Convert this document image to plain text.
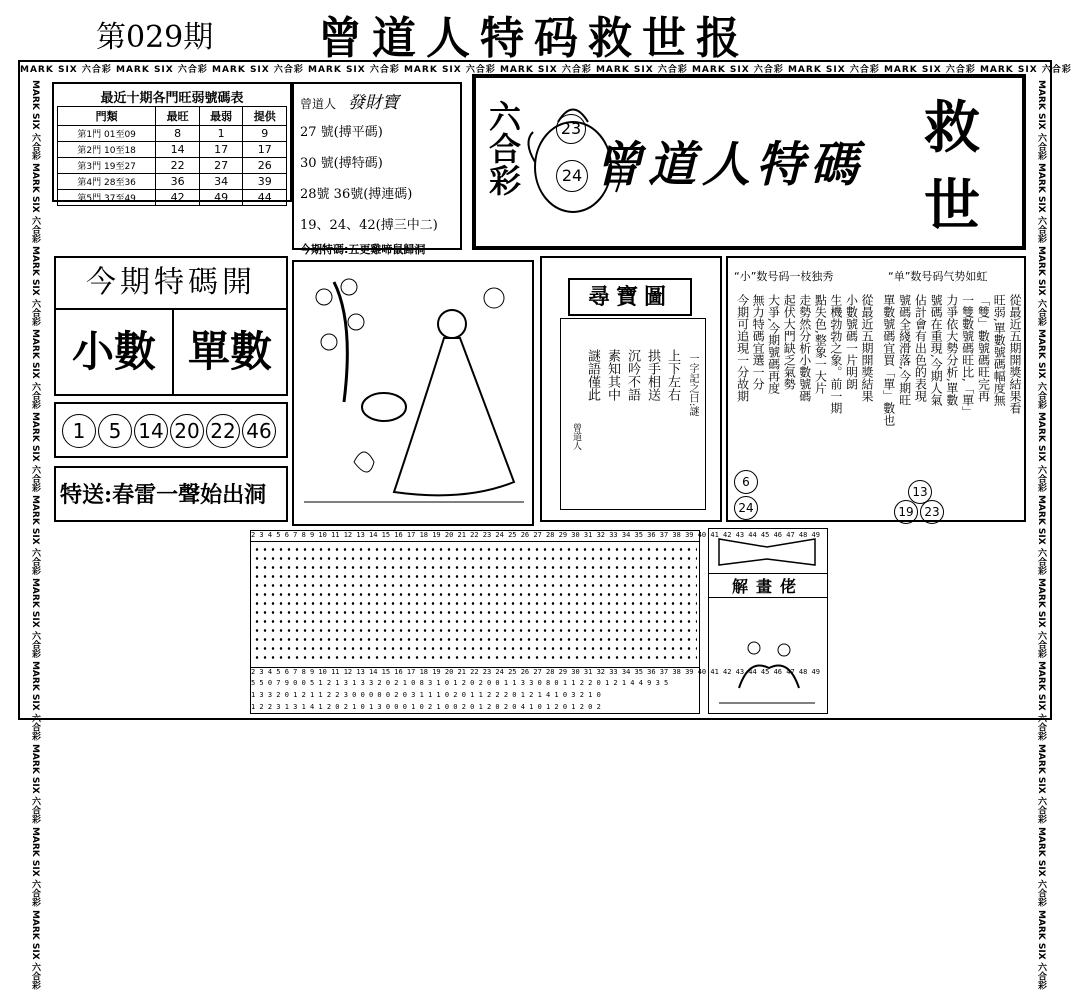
第029期 曾道人特码救世报
MARK SIX 六合彩 MARK SIX 六合彩 MARK SIX 六合彩 MARK SIX 六合彩 MARK SIX 六合彩 MARK SIX 六合彩 MARK SIX 六合彩 MARK SIX 六合彩 MARK SIX 六合彩 MARK SIX 六合彩 MARK SIX 六合彩
MARK SIX 六合彩 MARK SIX 六合彩 MARK SIX 六合彩 MARK SIX 六合彩 MARK SIX 六合彩 MARK SIX 六合彩 MARK SIX 六合彩 MARK SIX 六合彩 MARK SIX 六合彩 MARK SIX 六合彩 MARK SIX 六合彩	MARK SIX 六合彩 MARK SIX 六合彩 MARK SIX 六合彩 MARK SIX 六合彩 MARK SIX 六合彩 MARK SIX 六合彩 MARK SIX 六合彩 MARK SIX 六合彩 MARK SIX 六合彩 MARK SIX 六合彩 MARK SIX 六合彩
最近十期各門旺弱號碼表
門類	最旺	最弱	提供
第1門 01至09	8	1	9
第2門 10至18	14	17	17
第3門 19至27	22	27	26
第4門 28至36	36	34	39
第5門 37至49	42	49	44
曾道人 發財寶
27 號(搏平碼)
30 號(搏特碼)
28號 36號(搏連碼)
19、24、42(搏三中二)
今期特碼:五更雞啼鼠歸洞
六合彩	23
24 曾道人特碼
救
世
今期特碼開
小數 單數
1 5 14 20 22 46
特送:春雷一聲始出洞
尋寶圖
一字記之曰:謎
上下左右
拱手相送
沉吟不語
素知其中
謎語僅此
曾道人
“小”数号码一枝独秀	“单”数号码气势如虹
從最近五期開獎結果
小數號碼一片明朗
生機勃勃之象。前一期
點失色,整象一大片
走勢然分析小數號碼
起伏大門缺乏氣勢
大爭,今期號碼再度
無力特碼宜選一分
今期可追現一分故期	從最近五期開獎結果看
旺弱,單數號碼幅度無
「雙」數號碼旺完再
一雙數號碼旺比,「單」
力爭依大勢分析,單數
號碼在重現,今期人氣
佔計會有出色的表現
號碼全綫滑落,今期旺
單數號碼宜買「單」數也
6
24
13
19 23
2 3 4 5 6 7 8 9 10 11 12 13 14 15 16 17 18 19 20 21 22 23 24 25 26 27 28 29 30 31 32 33 34 35 36 37 38 39 40 41 42 43 44 45 46 47 48 49
2 3 4 5 6 7 8 9 10 11 12 13 14 15 16 17 18 19 20 21 22 23 24 25 26 27 28 29 30 31 32 33 34 35 36 37 38 39 40 41 42 43 44 45 46 47 48 49
5 5 0 7 9 0 0 5 1 2 1 3 1 3 3 2 0 2 1 0 8 3 1 0 1 2 0 2 0 0 1 1 3 3 0 8 0 1 1 2 2 0 1 2 1 4 4 9 3 5
1 3 3 2 0 1 2 1 1 2 2 3 0 0 0 0 0 2 0 3 1 1 1 0 2 0 1 1 2 2 2 0 1 2 1 4 1 0 3 2 1 0
1 2 2 3 1 3 1 4 1 2 0 2 1 0 1 3 0 0 0 1 0 2 1 0 0 2 0 1 2 0 2 0 4 1 0 1 2 0 1 2 0 2
解畫佬
